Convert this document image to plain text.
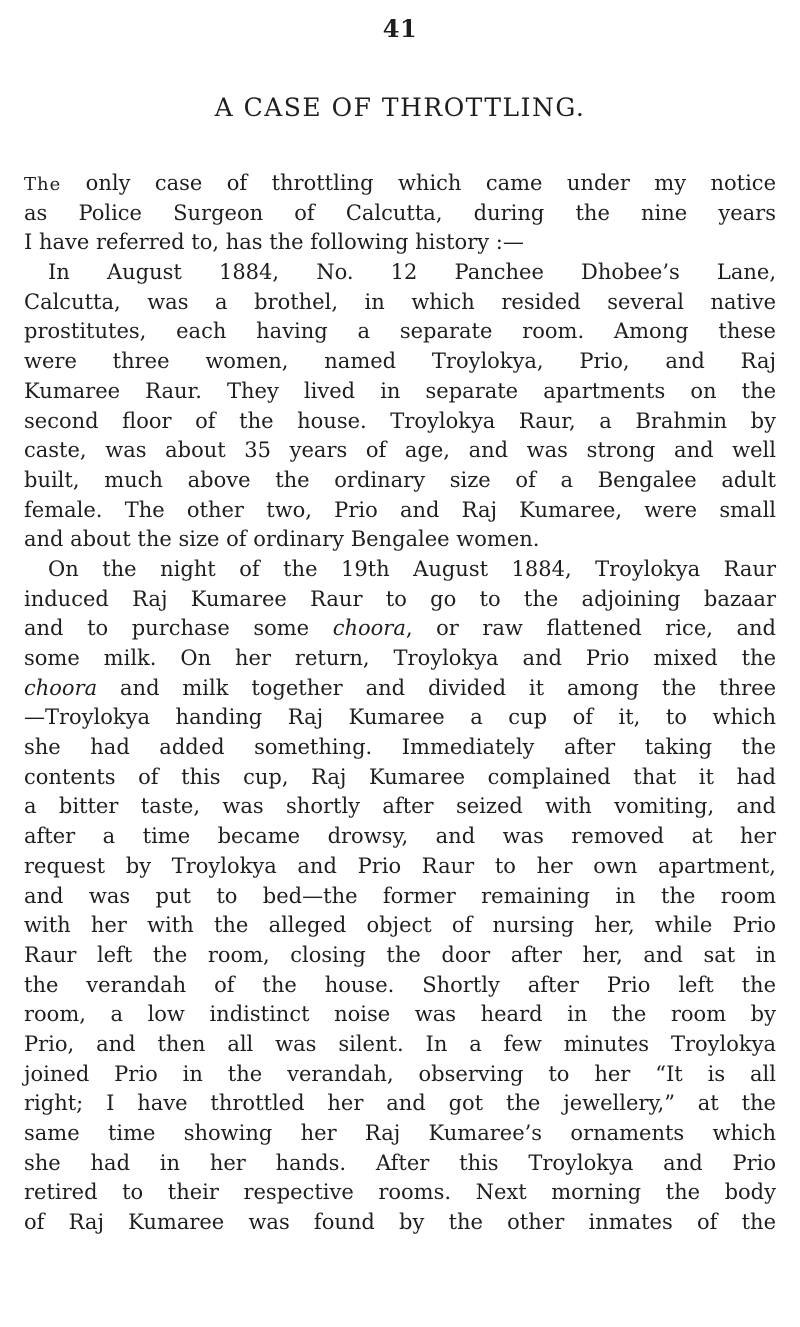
41
A CASE OF THROTTLING.
The only case of throttling which came under my notice
as Police Surgeon of Calcutta, during the nine years
I have referred to, has the following history :—
In August 1884, No. 12 Panchee Dhobee’s Lane,
Calcutta, was a brothel, in which resided several native
prostitutes, each having a separate room. Among these
were three women, named Troylokya, Prio, and Raj
Kumaree Raur. They lived in separate apartments on the
second floor of the house. Troylokya Raur, a Brahmin by
caste, was about 35 years of age, and was strong and well
built, much above the ordinary size of a Bengalee adult
female. The other two, Prio and Raj Kumaree, were small
and about the size of ordinary Bengalee women.
On the night of the 19th August 1884, Troylokya Raur
induced Raj Kumaree Raur to go to the adjoining bazaar
and to purchase some choora, or raw flattened rice, and
some milk. On her return, Troylokya and Prio mixed the
choora and milk together and divided it among the three
—Troylokya handing Raj Kumaree a cup of it, to which
she had added something. Immediately after taking the
contents of this cup, Raj Kumaree complained that it had
a bitter taste, was shortly after seized with vomiting, and
after a time became drowsy, and was removed at her
request by Troylokya and Prio Raur to her own apartment,
and was put to bed—the former remaining in the room
with her with the alleged object of nursing her, while Prio
Raur left the room, closing the door after her, and sat in
the verandah of the house. Shortly after Prio left the
room, a low indistinct noise was heard in the room by
Prio, and then all was silent. In a few minutes Troylokya
joined Prio in the verandah, observing to her “It is all
right; I have throttled her and got the jewellery,” at the
same time showing her Raj Kumaree’s ornaments which
she had in her hands. After this Troylokya and Prio
retired to their respective rooms. Next morning the body
of Raj Kumaree was found by the other inmates of the
